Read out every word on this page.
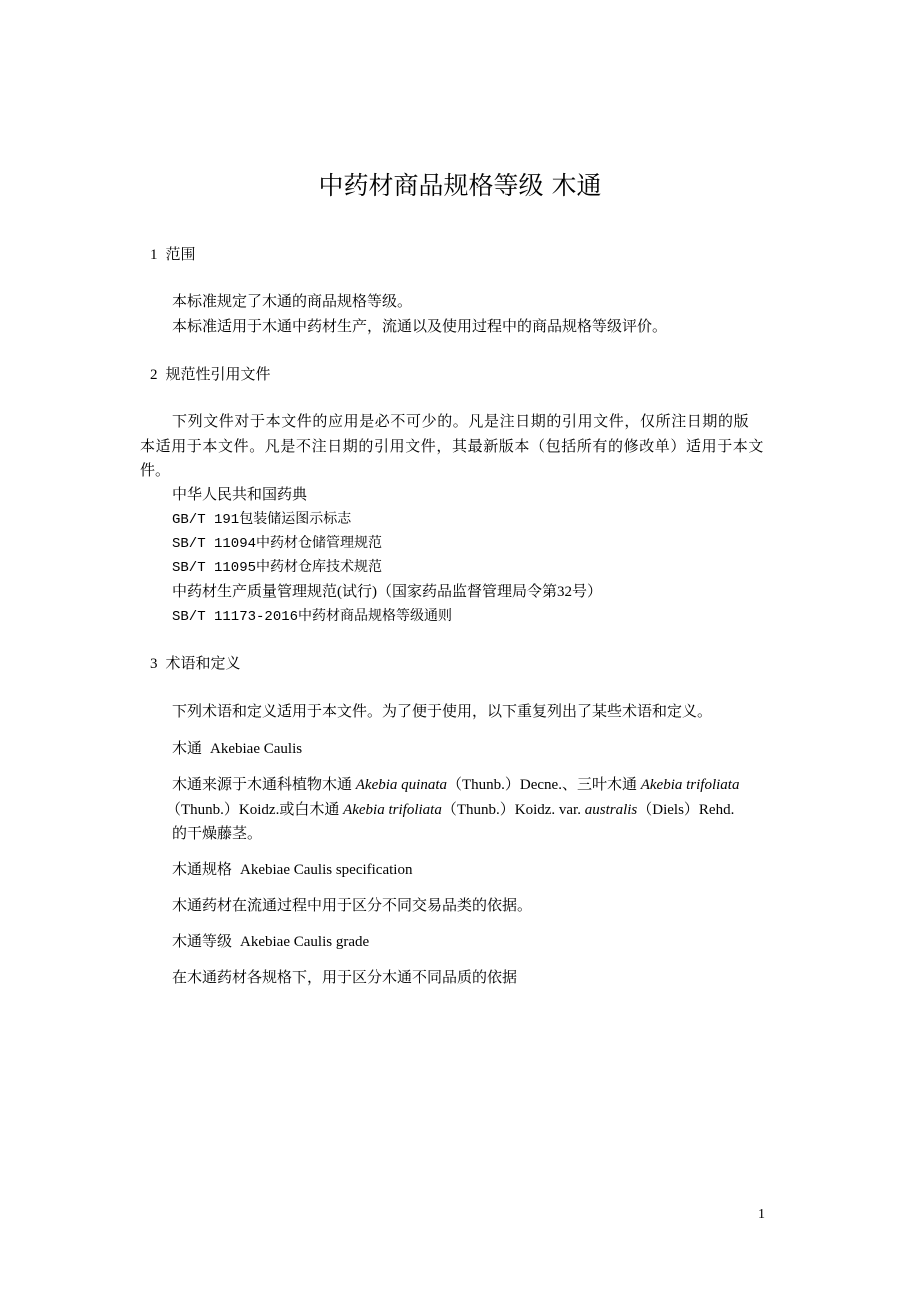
中药材商品规格等级 木通
1 范围
本标准规定了木通的商品规格等级。
本标准适用于木通中药材生产，流通以及使用过程中的商品规格等级评价。
2 规范性引用文件
下列文件对于本文件的应用是必不可少的。凡是注日期的引用文件，仅所注日期的版
本适用于本文件。凡是不注日期的引用文件，其最新版本（包括所有的修改单）适用于本文
件。
中华人民共和国药典
GB/T 191包装储运图示标志
SB/T 11094中药材仓储管理规范
SB/T 11095中药材仓库技术规范
中药材生产质量管理规范(试行)（国家药品监督管理局令第32号）
SB/T 11173-2016中药材商品规格等级通则
3 术语和定义
下列术语和定义适用于本文件。为了便于使用，以下重复列出了某些术语和定义。
木通 Akebiae Caulis
木通来源于木通科植物木通 Akebia quinata（Thunb.）Decne.、三叶木通 Akebia trifoliata
（Thunb.）Koidz.或白木通 Akebia trifoliata（Thunb.）Koidz. var. australis（Diels）Rehd.
的干燥藤茎。
木通规格 Akebiae Caulis specification
木通药材在流通过程中用于区分不同交易品类的依据。
木通等级 Akebiae Caulis grade
在木通药材各规格下，用于区分木通不同品质的依据
1
